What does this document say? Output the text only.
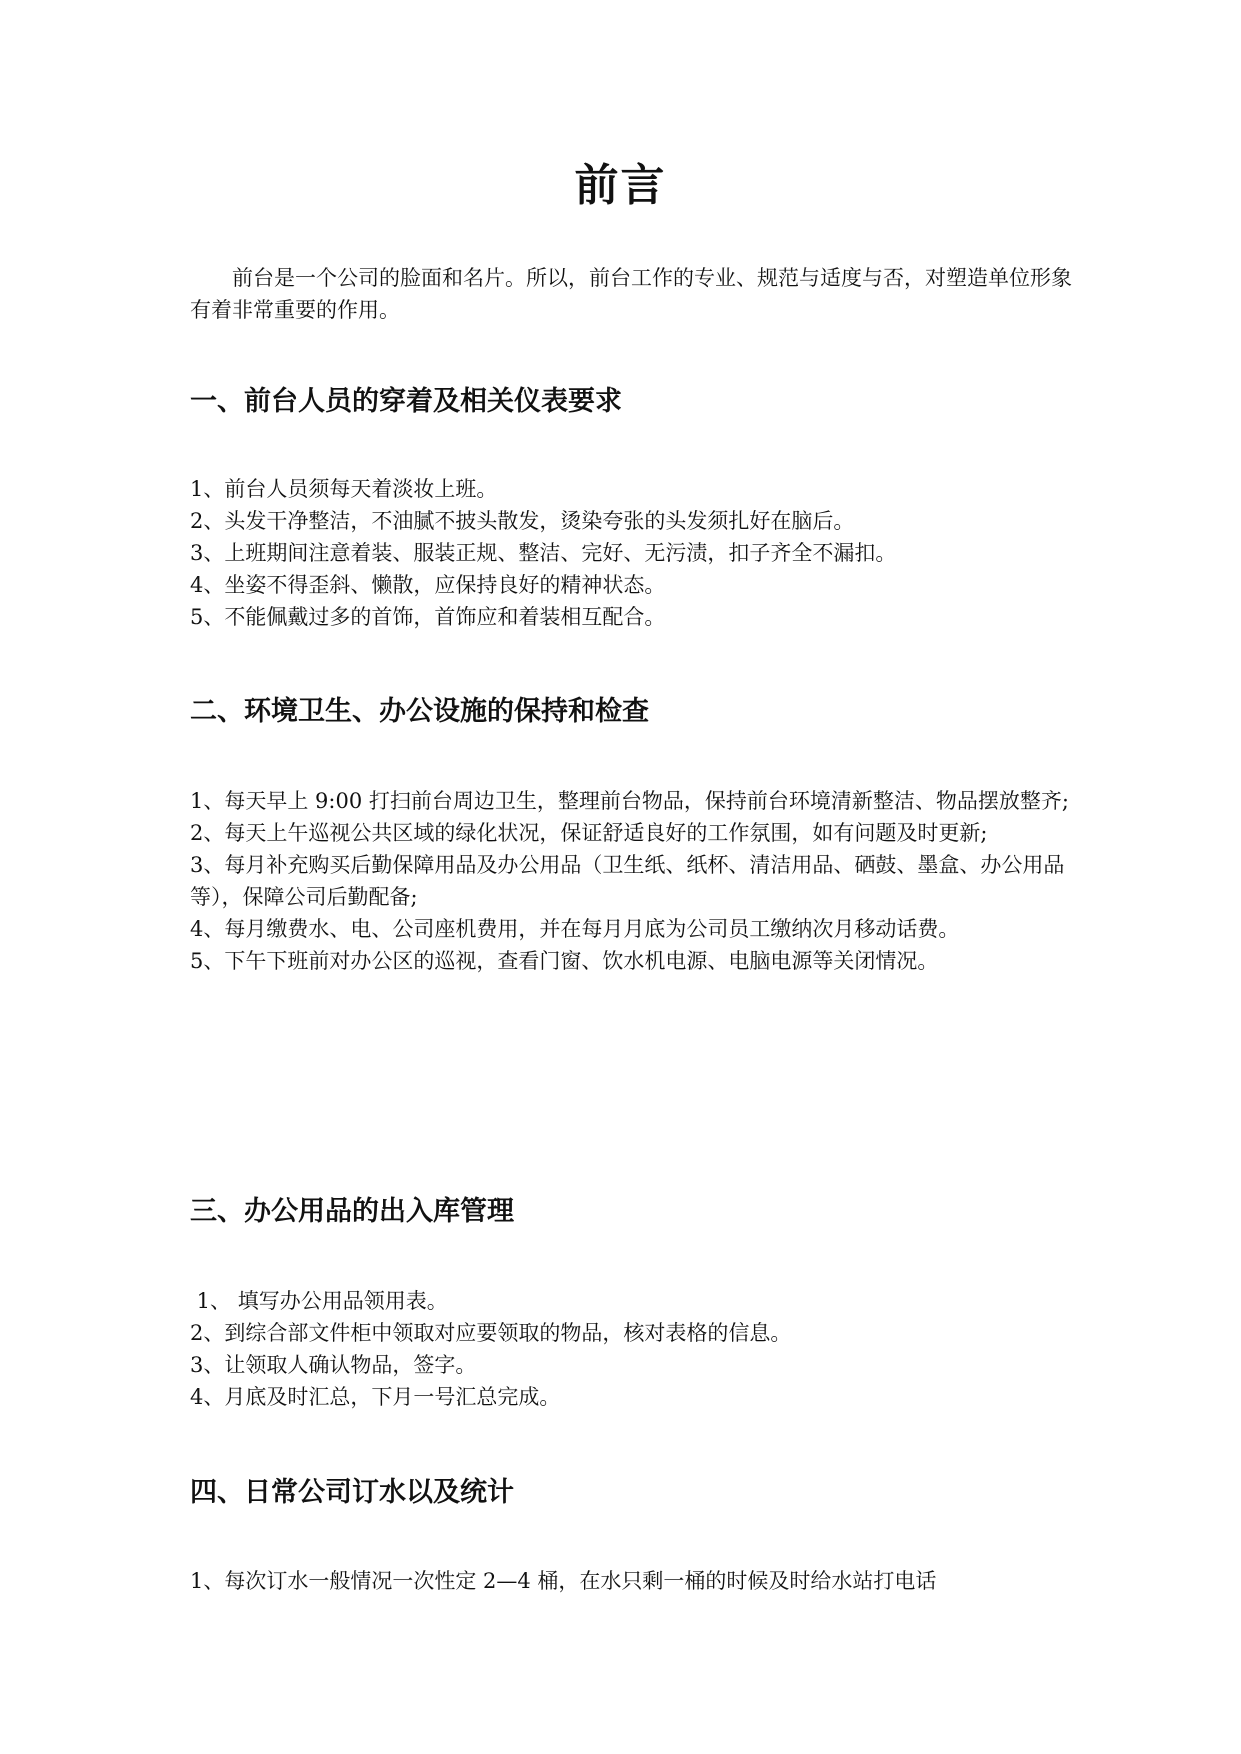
前言

前台是一个公司的脸面和名片。所以，前台工作的专业、规范与适度与否，对塑造单位形象有着非常重要的作用。

一、前台人员的穿着及相关仪表要求
1、前台人员须每天着淡妆上班。
2、头发干净整洁，不油腻不披头散发，烫染夸张的头发须扎好在脑后。
3、上班期间注意着装、服装正规、整洁、完好、无污渍，扣子齐全不漏扣。
4、坐姿不得歪斜、懒散，应保持良好的精神状态。
5、不能佩戴过多的首饰，首饰应和着装相互配合。
二、环境卫生、办公设施的保持和检查
1、每天早上 9:00 打扫前台周边卫生，整理前台物品，保持前台环境清新整洁、物品摆放整齐;
2、每天上午巡视公共区域的绿化状况，保证舒适良好的工作氛围，如有问题及时更新;
3、每月补充购买后勤保障用品及办公用品（卫生纸、纸杯、清洁用品、硒鼓、墨盒、办公用品等），保障公司后勤配备;
4、每月缴费水、电、公司座机费用，并在每月月底为公司员工缴纳次月移动话费。
5、下午下班前对办公区的巡视，查看门窗、饮水机电源、电脑电源等关闭情况。
三、办公用品的出入库管理
1、 填写办公用品领用表。
2、到综合部文件柜中领取对应要领取的物品，核对表格的信息。
3、让领取人确认物品，签字。
4、月底及时汇总，下月一号汇总完成。
四、日常公司订水以及统计
1、每次订水一般情况一次性定 2—4 桶，在水只剩一桶的时候及时给水站打电话
